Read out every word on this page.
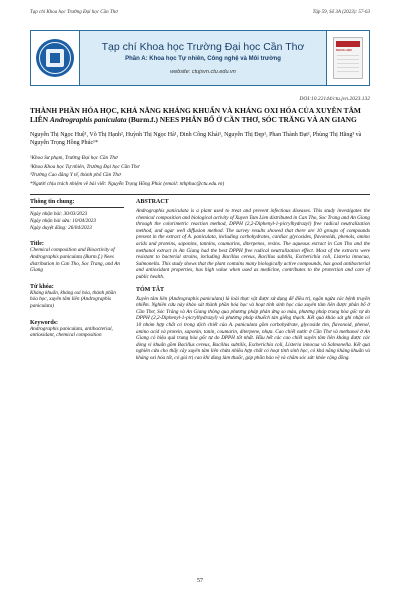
Tạp chí Khoa học Trường Đại học Cần Thơ	Tập 59, Số 3A (2023): 57-63
Tạp chí Khoa học Trường Đại học Cần Thơ
Phần A: Khoa học Tự nhiên, Công nghệ và Môi trường
website: ctujsvn.ctu.edu.vn
KHOA HỌC
DOI:10.22144/ctu.jvn.2023.132
THÀNH PHẦN HÓA HỌC, KHẢ NĂNG KHÁNG KHUẨN VÀ KHÁNG OXI HÓA CỦA XUYÊN TÂM LIÊN Andrographis paniculata (Burm.f.) NEES PHÂN BỐ Ở CẦN THƠ, SÓC TRĂNG VÀ AN GIANG
Nguyễn Thị Ngọc Huệ¹, Võ Thị Hạnh², Huỳnh Thị Ngọc Hà¹, Đinh Công Khải¹, Nguyễn Thị Đẹp¹, Phan Thành Đạt¹, Phùng Thị Hằng³ và Nguyễn Trọng Hồng Phúc¹*
¹Khoa Sư phạm, Trường Đại học Cần Thơ
²Khoa Khoa học Tự nhiên, Trường Đại học Cần Thơ
³Trường Cao đẳng Y tế, thành phố Cần Thơ
*Người chịu trách nhiệm về bài viết: Nguyễn Trọng Hồng Phúc (email: nthphuc@ctu.edu.vn)
Thông tin chung:
Ngày nhận bài: 30/03/2023
Ngày nhận bài sửa: 10/04/2023
Ngày duyệt đăng: 26/04/2023
Title:
Chemical composition and Bioactivity of Andrographis paniculata (Burm.f.) Nees distribution in Can Tho, Soc Trang, and An Giang
Từ khóa:
Kháng khuẩn, kháng oxi hóa, thành phần hóa học, xuyên tâm liên (Andrographis paniculata)
Keywords:
Andrographis paniculata, antibacterial, antioxidant, chemical composition
ABSTRACT
Andrographis paniculata is a plant used to treat and prevent infectious diseases. This study investigates the chemical composition and biological activity of Xuyen Tam Lien distributed in Can Tho, Soc Trang and An Giang through the colorimetric reaction method, DPPH (2,2-Diphenyl-1-picrylhydrazyl) free radical neutralization method, and agar well diffusion method. The survey results showed that there are 10 groups of compounds present in the extract of A. paniculata, including carbohydrates, cardiac glycosides, flavonoids, phenols, amino acids and proteins, saponins, tannins, coumarins, diterpenes, resins. The aqueous extract in Can Tho and the methanol extract in An Giang had the best DPPH free radical neutralization effect. Most of the extracts were resistant to bacterial strains, including Bacillus cereus, Bacillus subtilis, Escherichia coli, Listeria innocua, Salmonella. This study shows that the plant contains many biologically active compounds, has good antibacterial and antioxidant properties, has high value when used as medicine, contributes to the protection and care of public health.
TÓM TẮT
Xuyên tâm liên (Andrographis paniculata) là loài thực vật được sử dụng để điều trị, ngăn ngừa các bệnh truyền nhiễm. Nghiên cứu này khảo sát thành phần hóa học và hoạt tính sinh học của xuyên tâm liên được phân bố ở Cần Thơ, Sóc Trăng và An Giang thông qua phương pháp phản ứng so màu, phương pháp trung hòa gốc tự do DPPH (2,2-Diphenyl-1-picrylhydrazyl) và phương pháp khuếch tán giếng thạch. Kết quả khảo sát ghi nhận có 10 nhóm hợp chất có trong dịch chiết của A. paniculata gồm carbohydrate, glycoside tim, flavonoid, phenol, amino acid và protein, saponin, tanin, coumarin, diterpene, nhựa. Cao chiết nước ở Cần Thơ và methanol ở An Giang có hiệu quả trung hòa gốc tự do DPPH tốt nhất. Hầu hết các cao chiết xuyên tâm liên kháng được các dòng vi khuẩn gồm Bacillus cereus, Bacillus subtilis, Escherichia coli, Listeria innocua và Salmonella. Kết quả nghiên cứu cho thấy cây xuyên tâm liên chứa nhiều hợp chất có hoạt tính sinh học, có khả năng kháng khuẩn và kháng oxi hóa tốt, có giá trị cao khi dùng làm thuốc, góp phần bảo vệ và chăm sóc sức khỏe cộng đồng.
57
